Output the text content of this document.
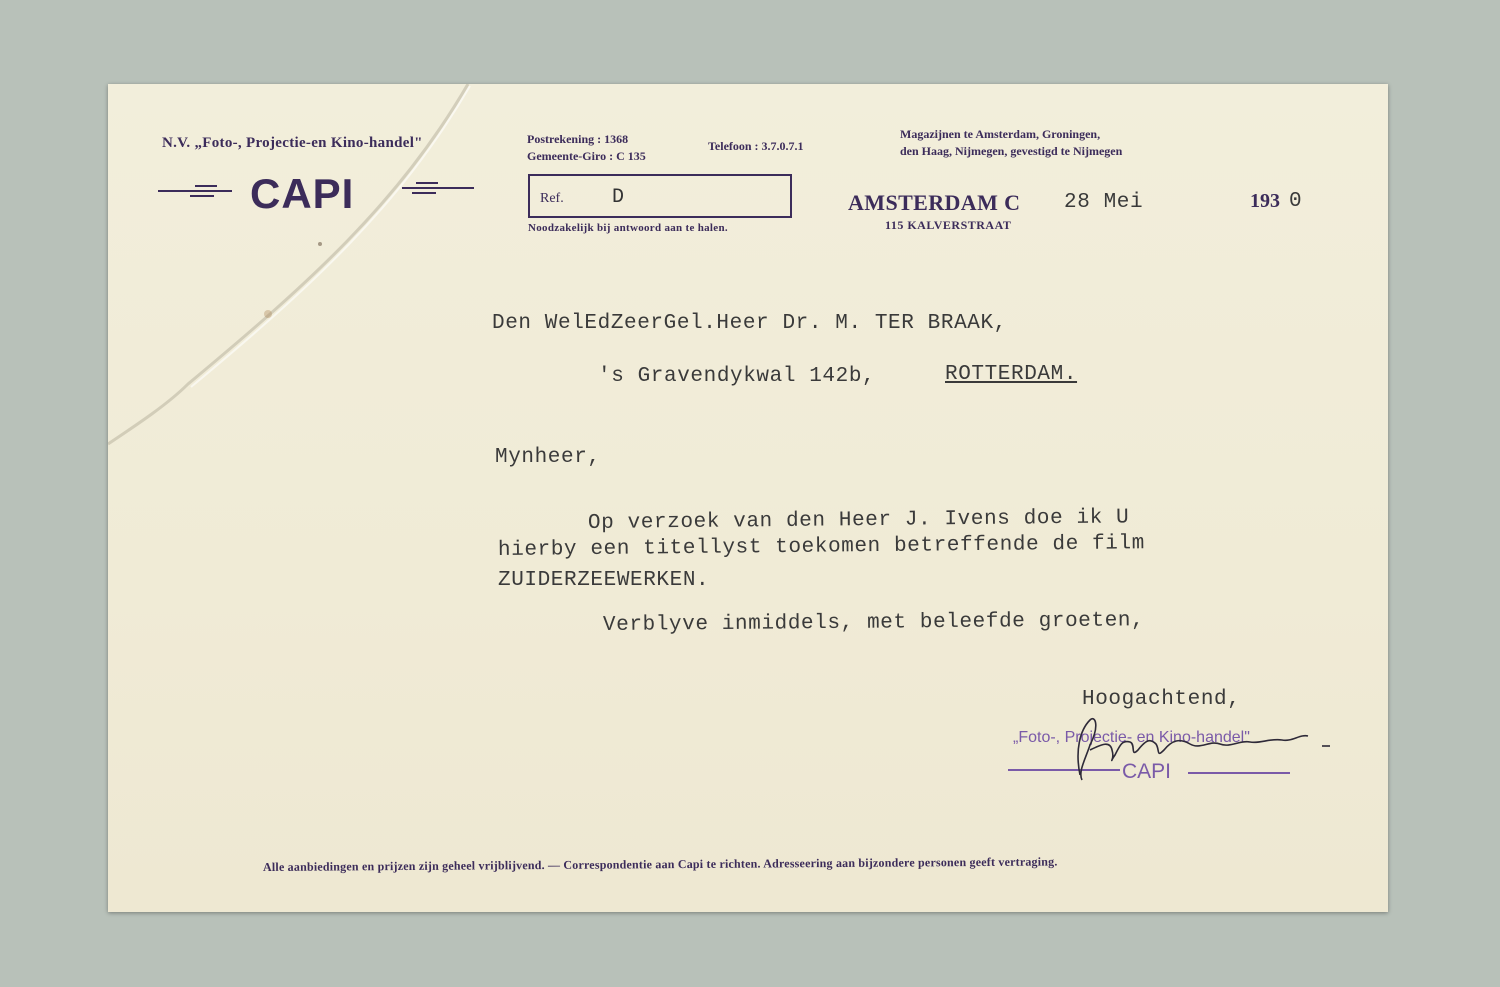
N.V. „Foto-, Projectie-en Kino-handel"
CAPI
Postrekening : 1368
Gemeente-Giro : C 135
Telefoon : 3.7.0.7.1
Magazijnen te Amsterdam, Groningen,
den Haag, Nijmegen, gevestigd te Nijmegen
Ref. D
Noodzakelijk bij antwoord aan te halen.
AMSTERDAM C
115 KALVERSTRAAT
28 Mei	193 0
Den WelEdZeerGel.Heer Dr. M. TER BRAAK,
's Gravendykwal 142b,	ROTTERDAM.
Mynheer,
Op verzoek van den Heer J. Ivens doe ik U
hierby een titellyst toekomen betreffende de film
ZUIDERZEEWERKEN.
Verblyve inmiddels, met beleefde groeten,
Hoogachtend,
„Foto-, Projectie- en Kino-handel"
CAPI
Alle aanbiedingen en prijzen zijn geheel vrijblijvend. — Correspondentie aan Capi te richten. Adresseering aan bijzondere personen geeft vertraging.
